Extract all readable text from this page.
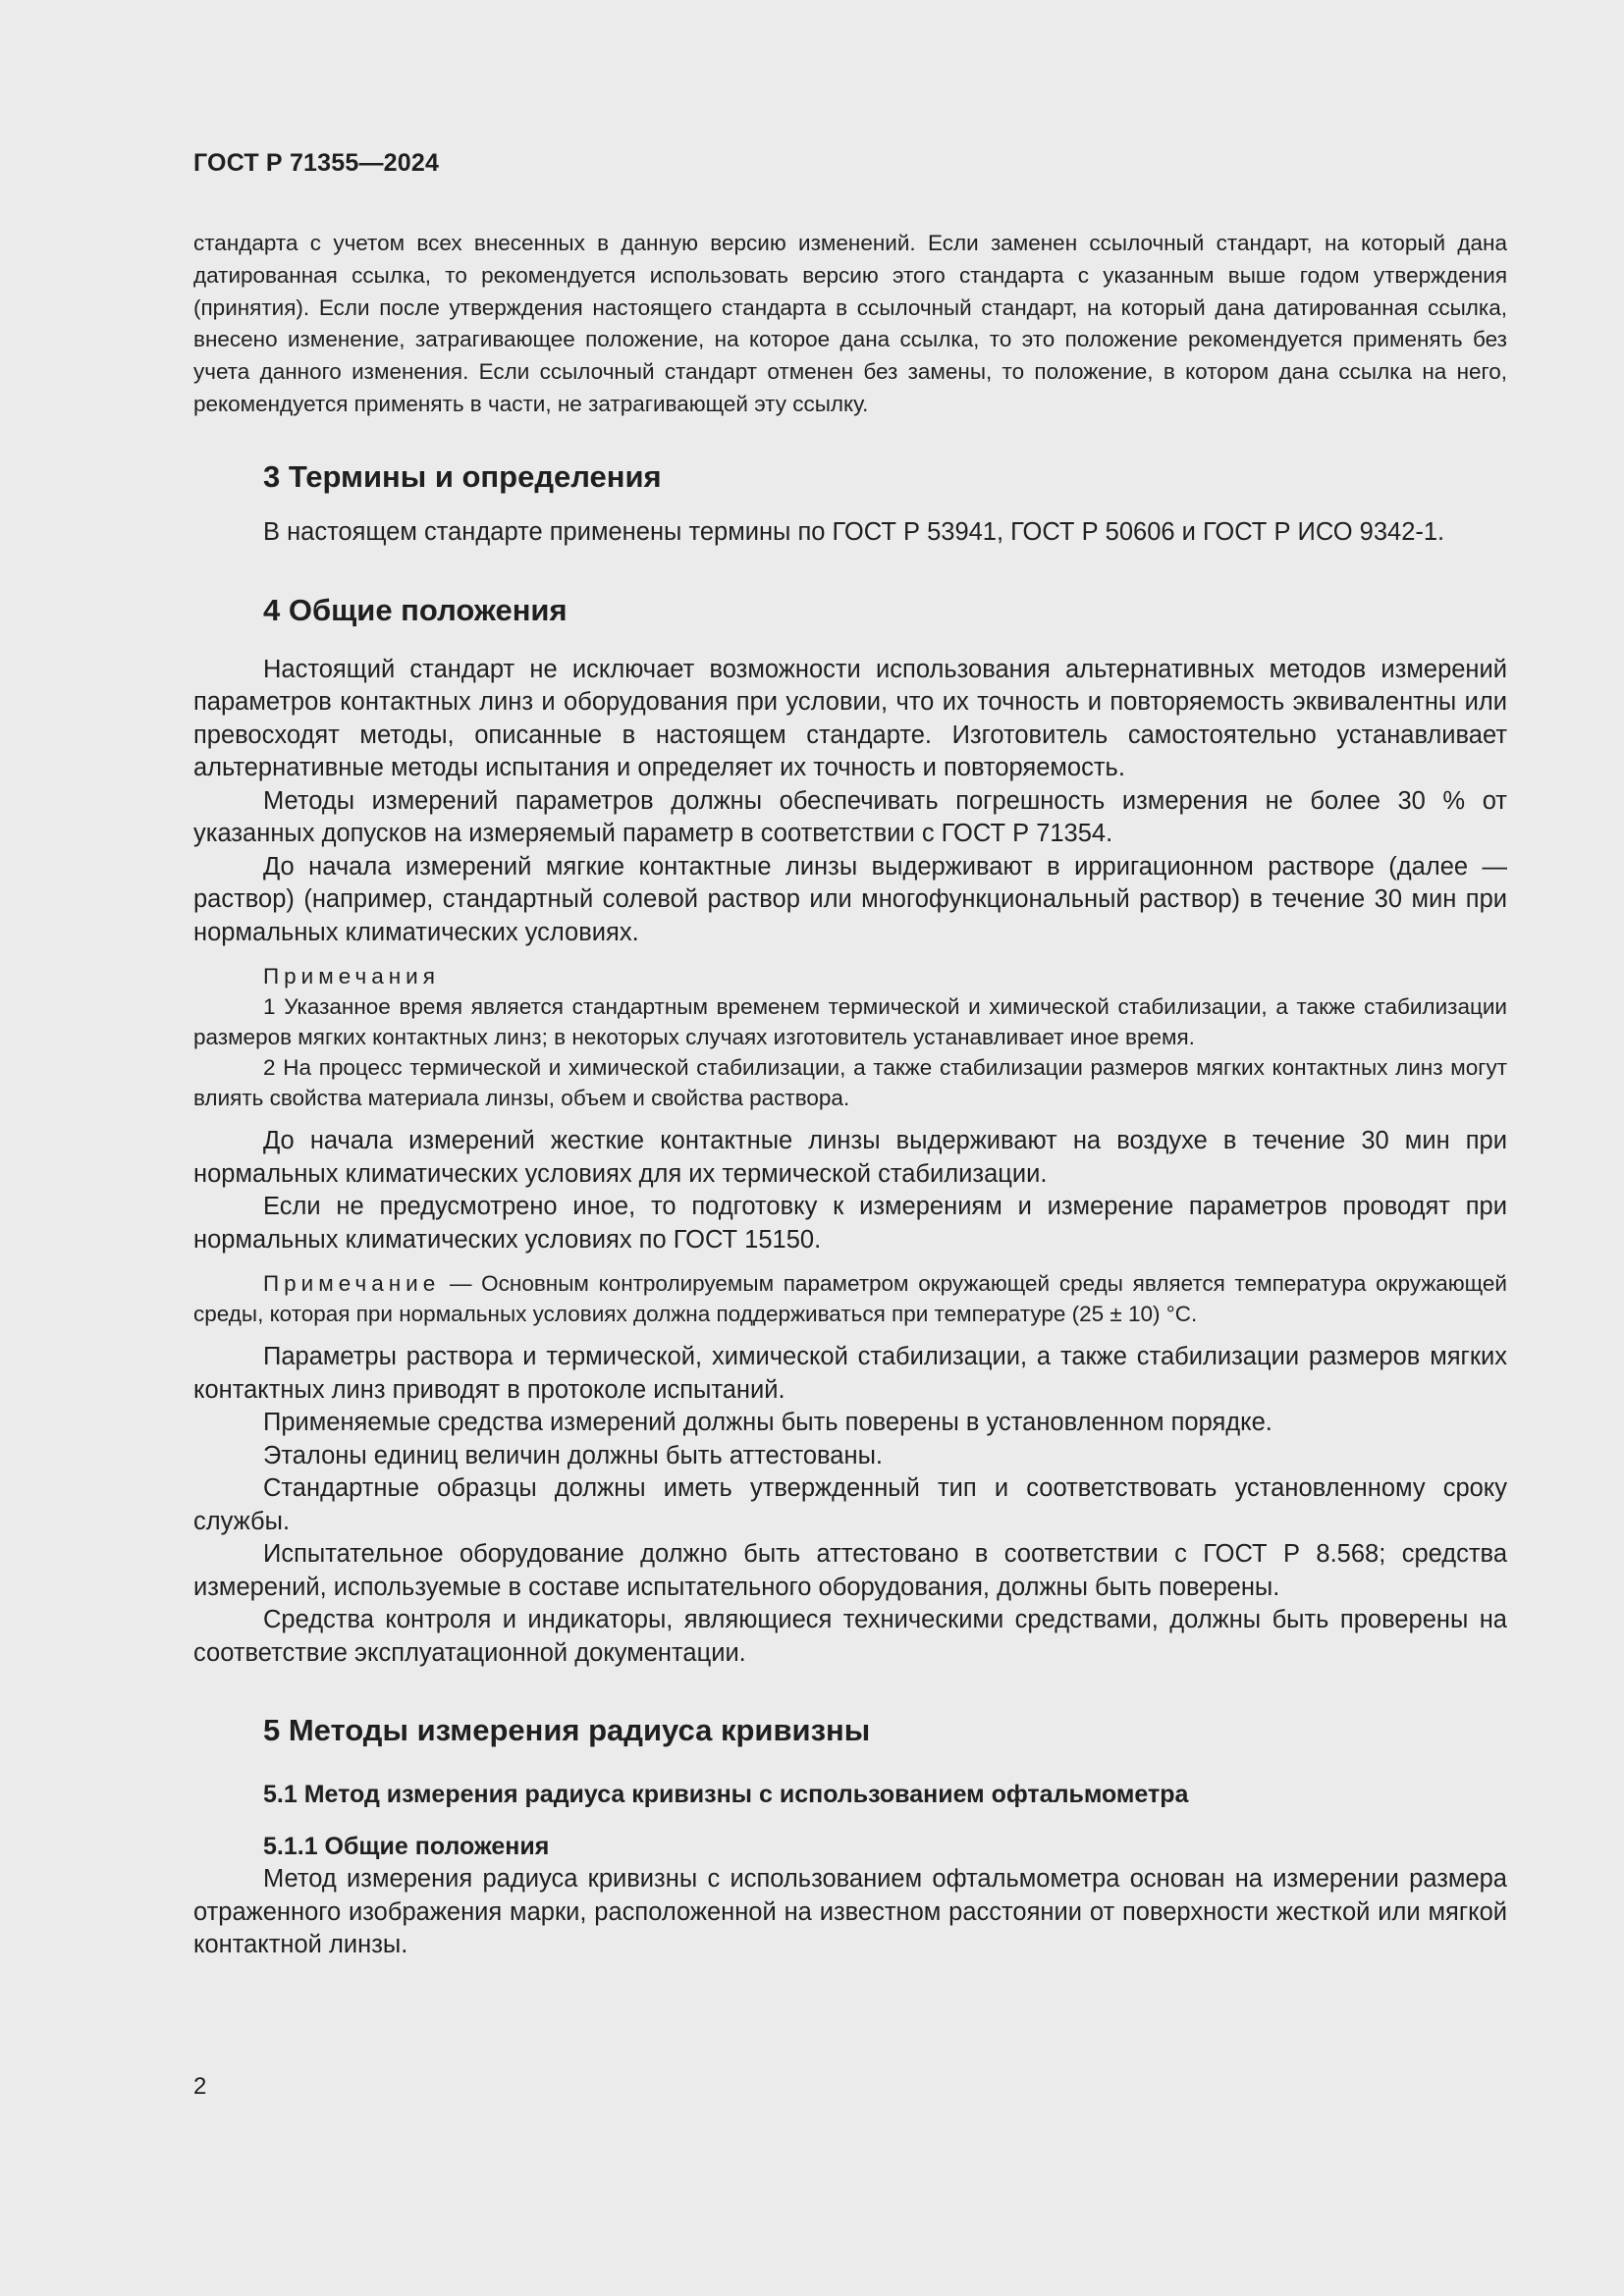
ГОСТ Р 71355—2024

стандарта с учетом всех внесенных в данную версию изменений. Если заменен ссылочный стандарт, на который дана датированная ссылка, то рекомендуется использовать версию этого стандарта с указанным выше годом утверждения (принятия). Если после утверждения настоящего стандарта в ссылочный стандарт, на который дана датированная ссылка, внесено изменение, затрагивающее положение, на которое дана ссылка, то это положение рекомендуется применять без учета данного изменения. Если ссылочный стандарт отменен без замены, то положение, в котором дана ссылка на него, рекомендуется применять в части, не затрагивающей эту ссылку.

3 Термины и определения

В настоящем стандарте применены термины по ГОСТ Р 53941, ГОСТ Р 50606 и ГОСТ Р ИСО 9342-1.

4 Общие положения

Настоящий стандарт не исключает возможности использования альтернативных методов измерений параметров контактных линз и оборудования при условии, что их точность и повторяемость эквивалентны или превосходят методы, описанные в настоящем стандарте. Изготовитель самостоятельно устанавливает альтернативные методы испытания и определяет их точность и повторяемость.

Методы измерений параметров должны обеспечивать погрешность измерения не более 30 % от указанных допусков на измеряемый параметр в соответствии с ГОСТ Р 71354.

До начала измерений мягкие контактные линзы выдерживают в ирригационном растворе (далее — раствор) (например, стандартный солевой раствор или многофункциональный раствор) в течение 30 мин при нормальных климатических условиях.

Примечания

1 Указанное время является стандартным временем термической и химической стабилизации, а также стабилизации размеров мягких контактных линз; в некоторых случаях изготовитель устанавливает иное время.

2 На процесс термической и химической стабилизации, а также стабилизации размеров мягких контактных линз могут влиять свойства материала линзы, объем и свойства раствора.

До начала измерений жесткие контактные линзы выдерживают на воздухе в течение 30 мин при нормальных климатических условиях для их термической стабилизации.

Если не предусмотрено иное, то подготовку к измерениям и измерение параметров проводят при нормальных климатических условиях по ГОСТ 15150.

Примечание — Основным контролируемым параметром окружающей среды является температура окружающей среды, которая при нормальных условиях должна поддерживаться при температуре (25 ± 10) °С.

Параметры раствора и термической, химической стабилизации, а также стабилизации размеров мягких контактных линз приводят в протоколе испытаний.

Применяемые средства измерений должны быть поверены в установленном порядке.

Эталоны единиц величин должны быть аттестованы.

Стандартные образцы должны иметь утвержденный тип и соответствовать установленному сроку службы.

Испытательное оборудование должно быть аттестовано в соответствии с ГОСТ Р 8.568; средства измерений, используемые в составе испытательного оборудования, должны быть поверены.

Средства контроля и индикаторы, являющиеся техническими средствами, должны быть проверены на соответствие эксплуатационной документации.

5 Методы измерения радиуса кривизны
5.1 Метод измерения радиуса кривизны с использованием офтальмометра
5.1.1 Общие положения

Метод измерения радиуса кривизны с использованием офтальмометра основан на измерении размера отраженного изображения марки, расположенной на известном расстоянии от поверхности жесткой или мягкой контактной линзы.

2
